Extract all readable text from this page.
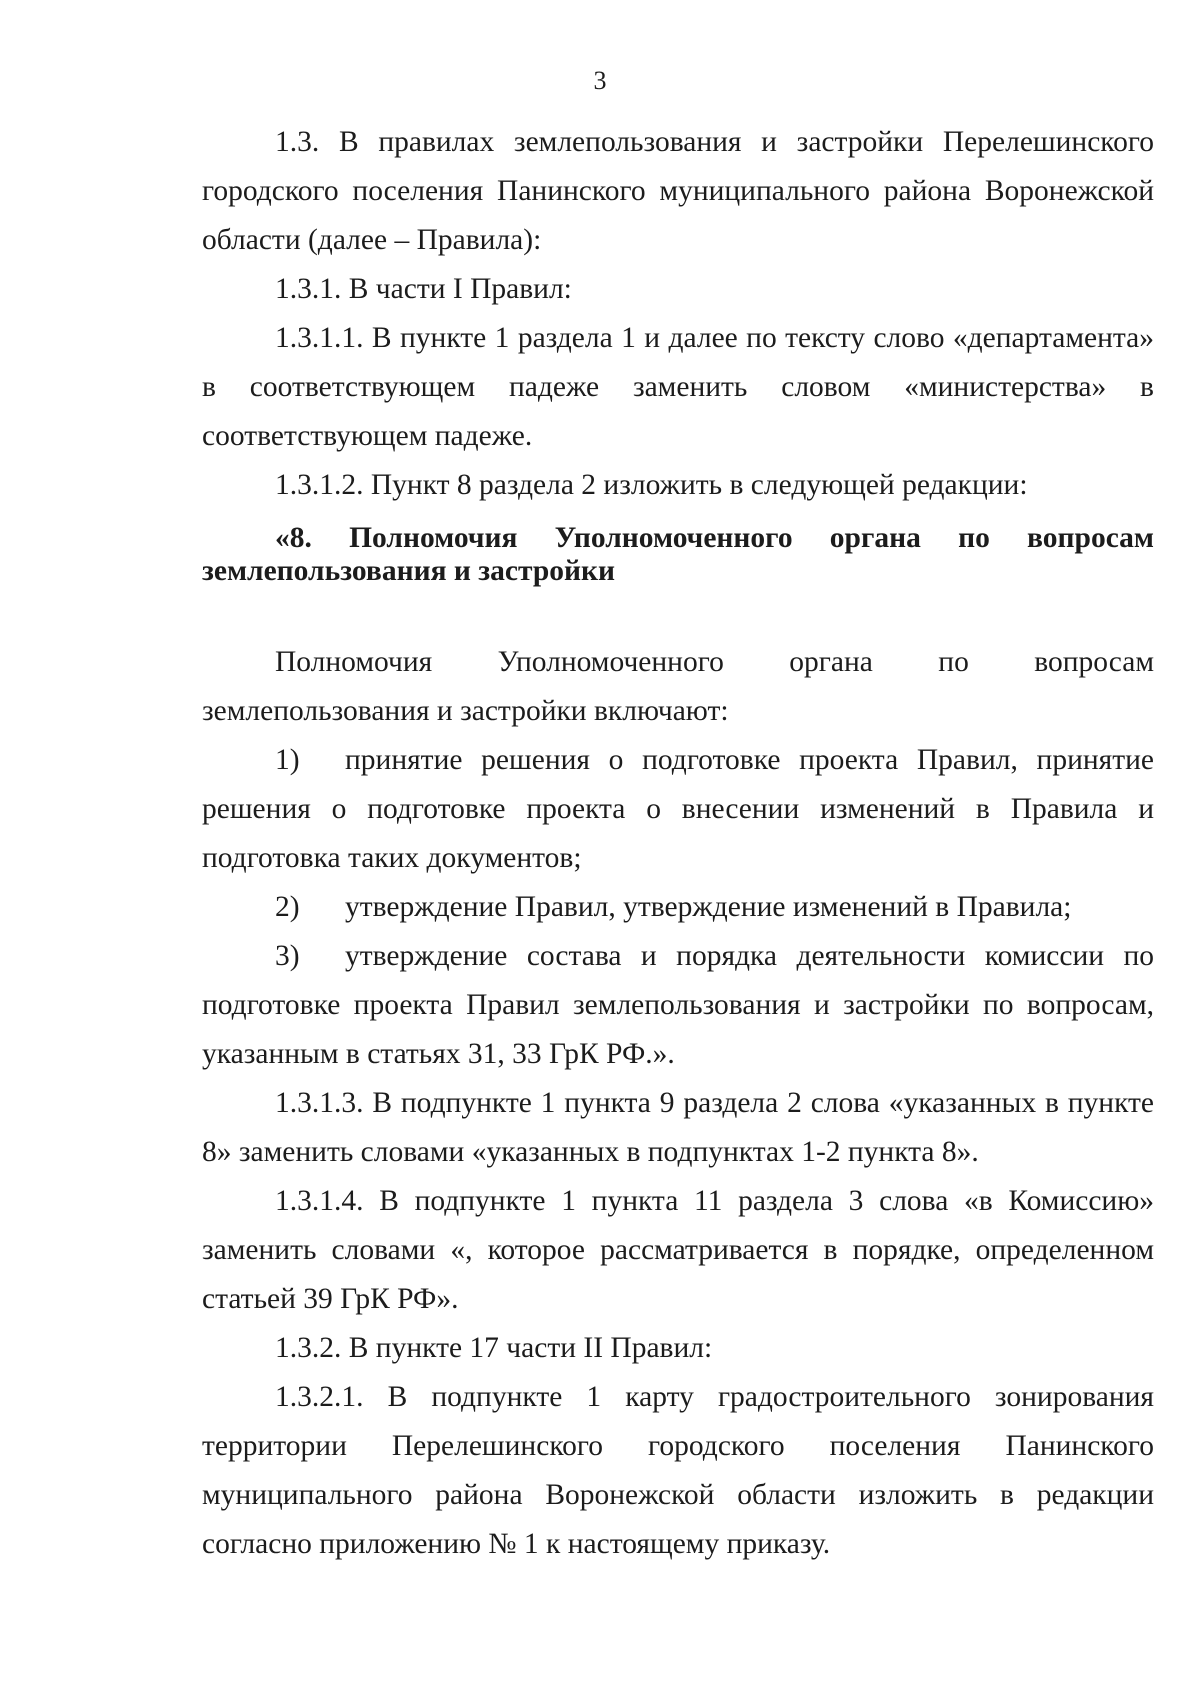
3

1.3. В правилах землепользования и застройки Перелешинского городского поселения Панинского муниципального района Воронежской области (далее – Правила):

1.3.1. В части I Правил:

1.3.1.1. В пункте 1 раздела 1 и далее по тексту слово «департамента» в соответствующем падеже заменить словом «министерства» в соответствующем падеже.

1.3.1.2. Пункт 8 раздела 2 изложить в следующей редакции:

«8. Полномочия Уполномоченного органа по вопросам
землепользования и застройки

Полномочия Уполномоченного органа по вопросам землепользования и застройки включают:

1) принятие решения о подготовке проекта Правил, принятие решения о подготовке проекта о внесении изменений в Правила и подготовка таких документов;

2) утверждение Правил, утверждение изменений в Правила;

3) утверждение состава и порядка деятельности комиссии по подготовке проекта Правил землепользования и застройки по вопросам, указанным в статьях 31, 33 ГрК РФ.».

1.3.1.3. В подпункте 1 пункта 9 раздела 2 слова «указанных в пункте 8» заменить словами «указанных в подпунктах 1-2 пункта 8».

1.3.1.4. В подпункте 1 пункта 11 раздела 3 слова «в Комиссию» заменить словами «, которое рассматривается в порядке, определенном статьей 39 ГрК РФ».

1.3.2. В пункте 17 части II Правил:

1.3.2.1. В подпункте 1 карту градостроительного зонирования территории Перелешинского городского поселения Панинского муниципального района Воронежской области изложить в редакции согласно приложению № 1 к настоящему приказу.
